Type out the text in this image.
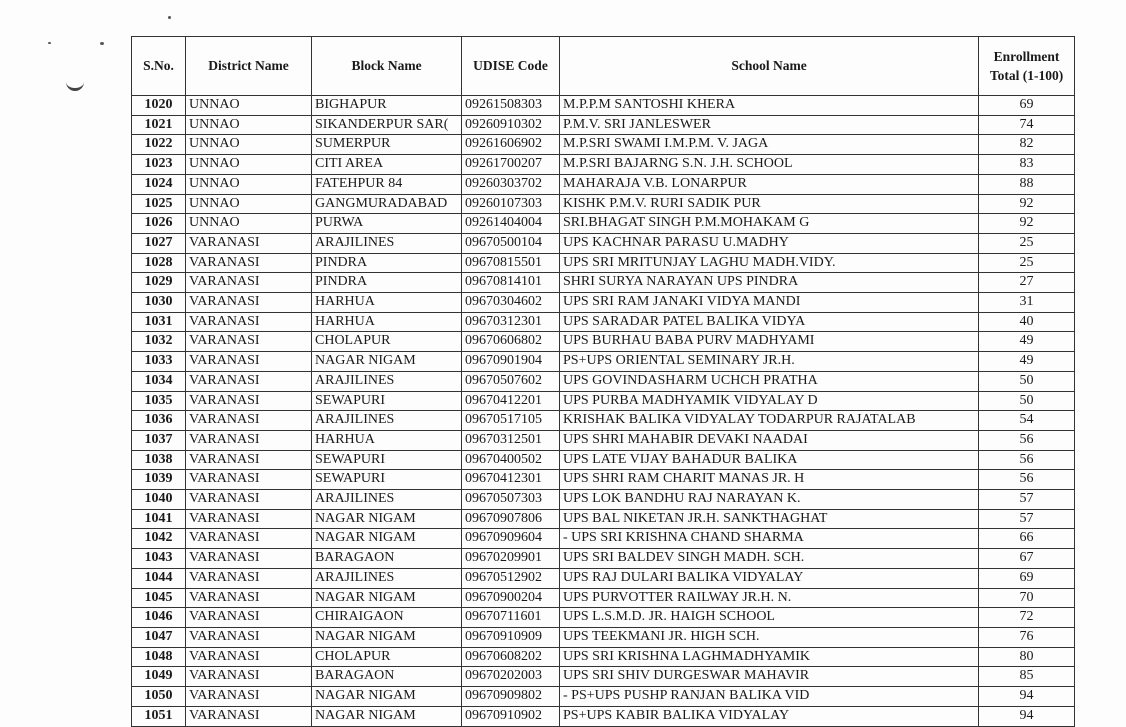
S.No.	District Name	Block Name	UDISE Code	School Name	Enrollment
Total (1-100)

1020	UNNAO	BIGHAPUR	09261508303	M.P.P.M SANTOSHI KHERA	69
1021	UNNAO	SIKANDERPUR SAR(	09260910302	P.M.V. SRI JANLESWER	74
1022	UNNAO	SUMERPUR	09261606902	M.P.SRI SWAMI I.M.P.M. V. JAGA	82
1023	UNNAO	CITI AREA	09261700207	M.P.SRI BAJARNG S.N. J.H. SCHOOL	83
1024	UNNAO	FATEHPUR 84	09260303702	MAHARAJA V.B. LONARPUR	88
1025	UNNAO	GANGMURADABAD	09260107303	KISHK P.M.V. RURI SADIK PUR	92
1026	UNNAO	PURWA	09261404004	SRI.BHAGAT SINGH P.M.MOHAKAM G	92
1027	VARANASI	ARAJILINES	09670500104	UPS KACHNAR PARASU U.MADHY	25
1028	VARANASI	PINDRA	09670815501	UPS SRI MRITUNJAY LAGHU MADH.VIDY.	25
1029	VARANASI	PINDRA	09670814101	SHRI SURYA NARAYAN UPS PINDRA	27
1030	VARANASI	HARHUA	09670304602	UPS SRI RAM JANAKI VIDYA MANDI	31
1031	VARANASI	HARHUA	09670312301	UPS SARADAR PATEL BALIKA VIDYA	40
1032	VARANASI	CHOLAPUR	09670606802	UPS BURHAU BABA PURV MADHYAMI	49
1033	VARANASI	NAGAR NIGAM	09670901904	PS+UPS ORIENTAL SEMINARY JR.H.	49
1034	VARANASI	ARAJILINES	09670507602	UPS GOVINDASHARM UCHCH PRATHA	50
1035	VARANASI	SEWAPURI	09670412201	UPS PURBA MADHYAMIK VIDYALAY D	50
1036	VARANASI	ARAJILINES	09670517105	KRISHAK BALIKA VIDYALAY TODARPUR RAJATALAB	54
1037	VARANASI	HARHUA	09670312501	UPS SHRI MAHABIR DEVAKI NAADAI	56
1038	VARANASI	SEWAPURI	09670400502	UPS LATE VIJAY BAHADUR BALIKA	56
1039	VARANASI	SEWAPURI	09670412301	UPS SHRI RAM CHARIT MANAS JR. H	56
1040	VARANASI	ARAJILINES	09670507303	UPS LOK BANDHU RAJ NARAYAN K.	57
1041	VARANASI	NAGAR NIGAM	09670907806	UPS BAL NIKETAN JR.H. SANKTHAGHAT	57
1042	VARANASI	NAGAR NIGAM	09670909604	- UPS SRI KRISHNA CHAND SHARMA	66
1043	VARANASI	BARAGAON	09670209901	UPS SRI BALDEV SINGH MADH. SCH.	67
1044	VARANASI	ARAJILINES	09670512902	UPS RAJ DULARI BALIKA VIDYALAY	69
1045	VARANASI	NAGAR NIGAM	09670900204	UPS PURVOTTER RAILWAY JR.H. N.	70
1046	VARANASI	CHIRAIGAON	09670711601	UPS L.S.M.D. JR. HAIGH SCHOOL	72
1047	VARANASI	NAGAR NIGAM	09670910909	UPS TEEKMANI JR. HIGH SCH.	76
1048	VARANASI	CHOLAPUR	09670608202	UPS SRI KRISHNA LAGHMADHYAMIK	80
1049	VARANASI	BARAGAON	09670202003	UPS SRI SHIV DURGESWAR MAHAVIR	85
1050	VARANASI	NAGAR NIGAM	09670909802	- PS+UPS PUSHP RANJAN BALIKA VID	94
1051	VARANASI	NAGAR NIGAM	09670910902	PS+UPS KABIR BALIKA VIDYALAY	94
